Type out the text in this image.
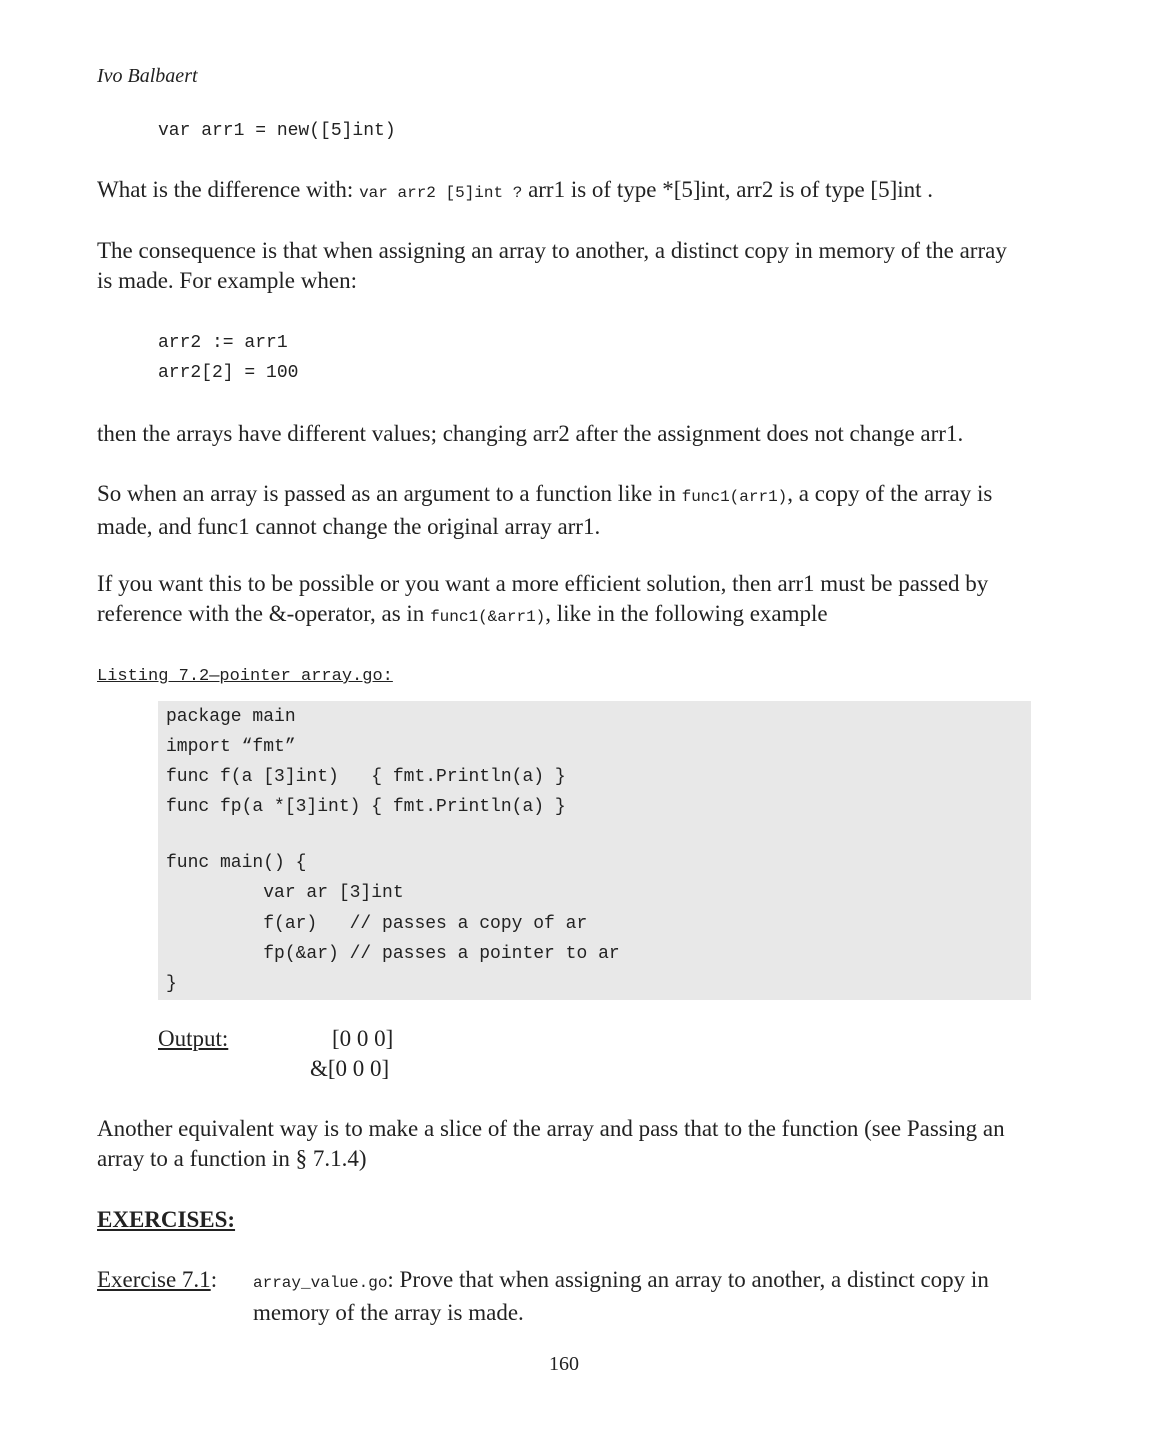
Ivo Balbaert
var arr1 = new([5]int)
What is the difference with: var arr2 [5]int ? arr1 is of type *[5]int, arr2 is of type [5]int .
The consequence is that when assigning an array to another, a distinct copy in memory of the array
is made. For example when:
arr2 := arr1
arr2[2] = 100
then the arrays have different values; changing arr2 after the assignment does not change arr1.
So when an array is passed as an argument to a function like in func1(arr1), a copy of the array is
made, and func1 cannot change the original array arr1.
If you want this to be possible or you want a more efficient solution, then arr1 must be passed by
reference with the &-operator, as in func1(&arr1), like in the following example
Listing 7.2—pointer_array.go:
package main
import “fmt”
func f(a [3]int)   { fmt.Println(a) }
func fp(a *[3]int) { fmt.Println(a) }
func main() {
var ar [3]int
f(ar)   // passes a copy of ar
fp(&ar) // passes a pointer to ar
}
Output:	[0 0 0]
&[0 0 0]
Another equivalent way is to make a slice of the array and pass that to the function (see Passing an
array to a function in § 7.1.4)
EXERCISES:
Exercise 7.1: array_value.go: Prove that when assigning an array to another, a distinct copy in
memory of the array is made.
160
